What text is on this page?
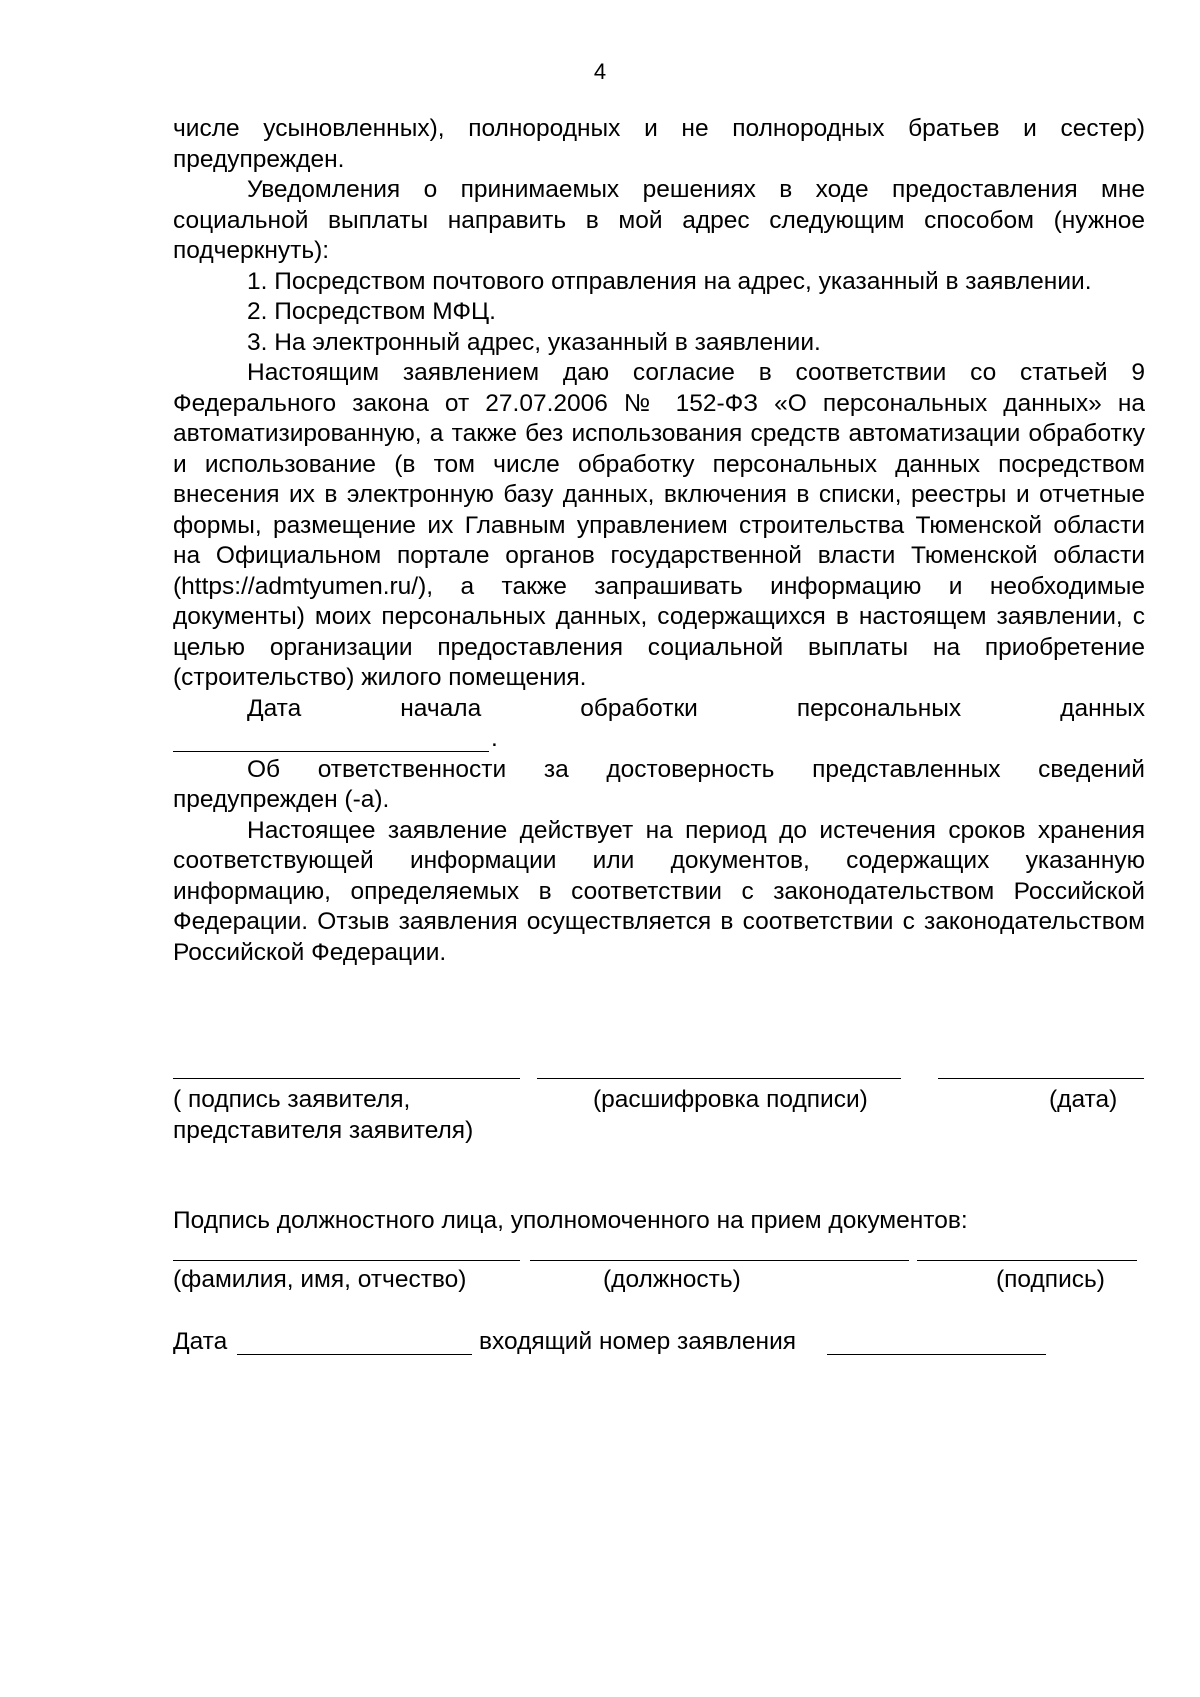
4

числе усыновленных), полнородных и не полнородных братьев и сестер) предупрежден.

Уведомления о принимаемых решениях в ходе предоставления мне социальной выплаты направить в мой адрес следующим способом (нужное подчеркнуть):

1. Посредством почтового отправления на адрес, указанный в заявлении.

2. Посредством МФЦ.

3. На электронный адрес, указанный в заявлении.

Настоящим заявлением даю согласие в соответствии со статьей 9 Федерального закона от 27.07.2006 № 152-ФЗ «О персональных данных» на автоматизированную, а также без использования средств автоматизации обработку и использование (в том числе обработку персональных данных посредством внесения их в электронную базу данных, включения в списки, реестры и отчетные формы, размещение их Главным управлением строительства Тюменской области на Официальном портале органов государственной власти Тюменской области (https://admtyumen.ru/), а также запрашивать информацию и необходимые документы) моих персональных данных, содержащихся в настоящем заявлении, с целью организации предоставления социальной выплаты на приобретение (строительство) жилого помещения.

Дата начала обработки персональных данных

.

Об ответственности за достоверность представленных сведений предупрежден (-а).

Настоящее заявление действует на период до истечения сроков хранения соответствующей информации или документов, содержащих указанную информацию, определяемых в соответствии с законодательством Российской Федерации. Отзыв заявления осуществляется в соответствии с законодательством Российской Федерации.

( подпись заявителя,
представителя заявителя)
(расшифровка подписи)	(дата)
Подпись должностного лица, уполномоченного на прием документов:
(фамилия, имя, отчество)	(должность)	(подпись)
Дата	входящий номер заявления
